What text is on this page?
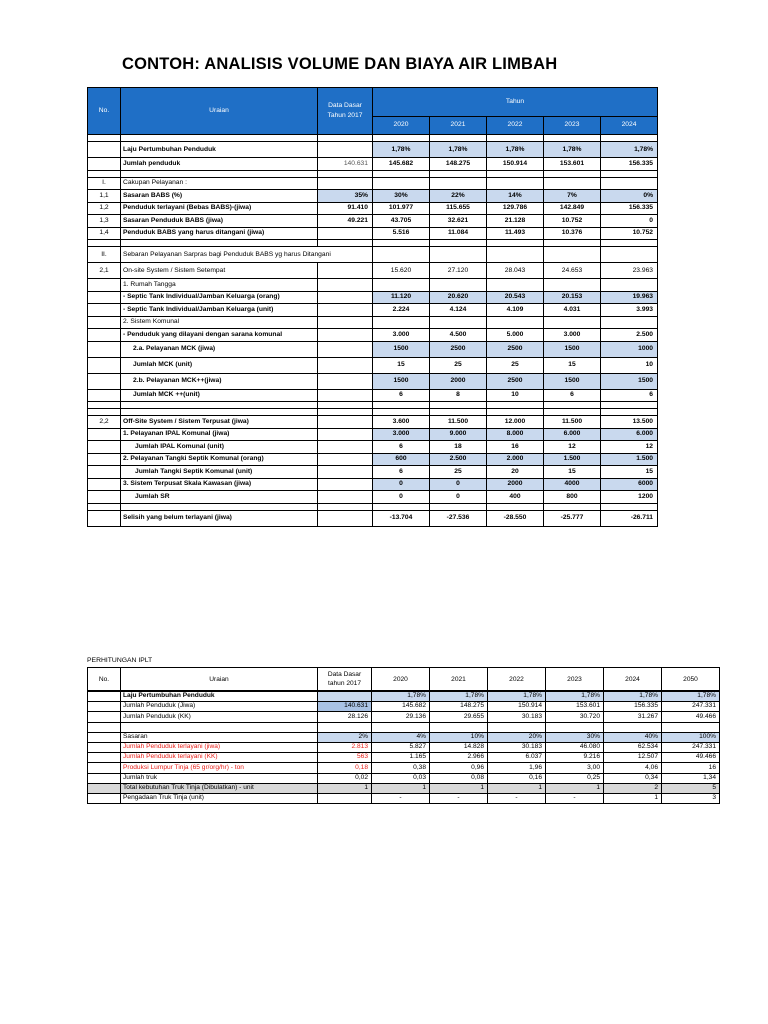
CONTOH: ANALISIS VOLUME DAN BIAYA AIR LIMBAH
No.	Uraian	Data Dasar Tahun 2017	Tahun				
			2020	2021	2022	2023	2024

	Laju Pertumbuhan Penduduk		1,78%	1,78%	1,78%	1,78%	1,78%
	Jumlah penduduk	140.631	145.682	148.275	150.914	153.601	156.335

I.	Cakupan Pelayanan :						
1,1	Sasaran BABS (%)	35%	30%	22%	14%	7%	0%
1,2	Penduduk terlayani (Bebas BABS)-(jiwa)	91.410	101.977	115.655	129.786	142.849	156.335
1,3	Sasaran Penduduk BABS (jiwa)	49.221	43.705	32.621	21.128	10.752	0
1,4	Penduduk BABS yang harus ditangani (jiwa)		5.516	11.084	11.493	10.376	10.752

II.	Sebaran Pelayanan Sarpras bagi Penduduk BABS yg harus Ditangani						
2,1	On-site System / Sistem Setempat		15.620	27.120	28.043	24.653	23.963
	1. Rumah Tangga						
	- Septic Tank Individual/Jamban Keluarga (orang)		11.120	20.620	20.543	20.153	19.963
	- Septic Tank Individual/Jamban Keluarga (unit)		2.224	4.124	4.109	4.031	3.993
	2. Sistem Komunal						
	- Penduduk yang dilayani dengan sarana komunal		3.000	4.500	5.000	3.000	2.500
	2.a. Pelayanan MCK (jiwa)		1500	2500	2500	1500	1000
	Jumlah MCK (unit)		15	25	25	15	10
	2.b. Pelayanan MCK++(jiwa)		1500	2000	2500	1500	1500
	Jumlah MCK ++(unit)		6	8	10	6	6

2,2	Off-Site System / Sistem Terpusat (jiwa)		3.600	11.500	12.000	11.500	13.500
	1. Pelayanan IPAL Komunal (jiwa)		3.000	9.000	8.000	6.000	6.000
	Jumlah IPAL Komunal (unit)		6	18	16	12	12
	2. Pelayanan Tangki Septik Komunal (orang)		600	2.500	2.000	1.500	1.500
	Jumlah Tangki Septik Komunal (unit)		6	25	20	15	15
	3. Sistem Terpusat Skala Kawasan (jiwa)		0	0	2000	4000	6000
	Jumlah SR		0	0	400	800	1200

	Selisih yang belum terlayani (jiwa)		-13.704	-27.536	-28.550	-25.777	-26.711
PERHITUNGAN IPLT
No.	Uraian	Data Dasar tahun 2017	2020	2021	2022	2023	2024	2050
	Laju Pertumbuhan Penduduk		1,78%	1,78%	1,78%	1,78%	1,78%	1,78%
	Jumlah Penduduk (Jiwa)	140.631	145.682	148.275	150.914	153.601	156.335	247.331
	Jumlah Penduduk (KK)	28.126	29.136	29.655	30.183	30.720	31.267	49.466

	Sasaran	2%	4%	10%	20%	30%	40%	100%
	Jumlah Penduduk terlayani (jiwa)	2.813	5.827	14.828	30.183	46.080	62.534	247.331
	Jumlah Penduduk terlayani (KK)	563	1.165	2.966	6.037	9.216	12.507	49.466
	Produksi Lumpur Tinja (65 gr/org/hr) - ton	0,18	0,38	0,96	1,96	3,00	4,06	16
	Jumlah truk	0,02	0,03	0,08	0,16	0,25	0,34	1,34
	Total kebutuhan Truk Tinja (Dibulatkan) - unit	1	1	1	1	1	2	5
	Pengadaan Truk Tinja (unit)		-	-	-	-	1	3
